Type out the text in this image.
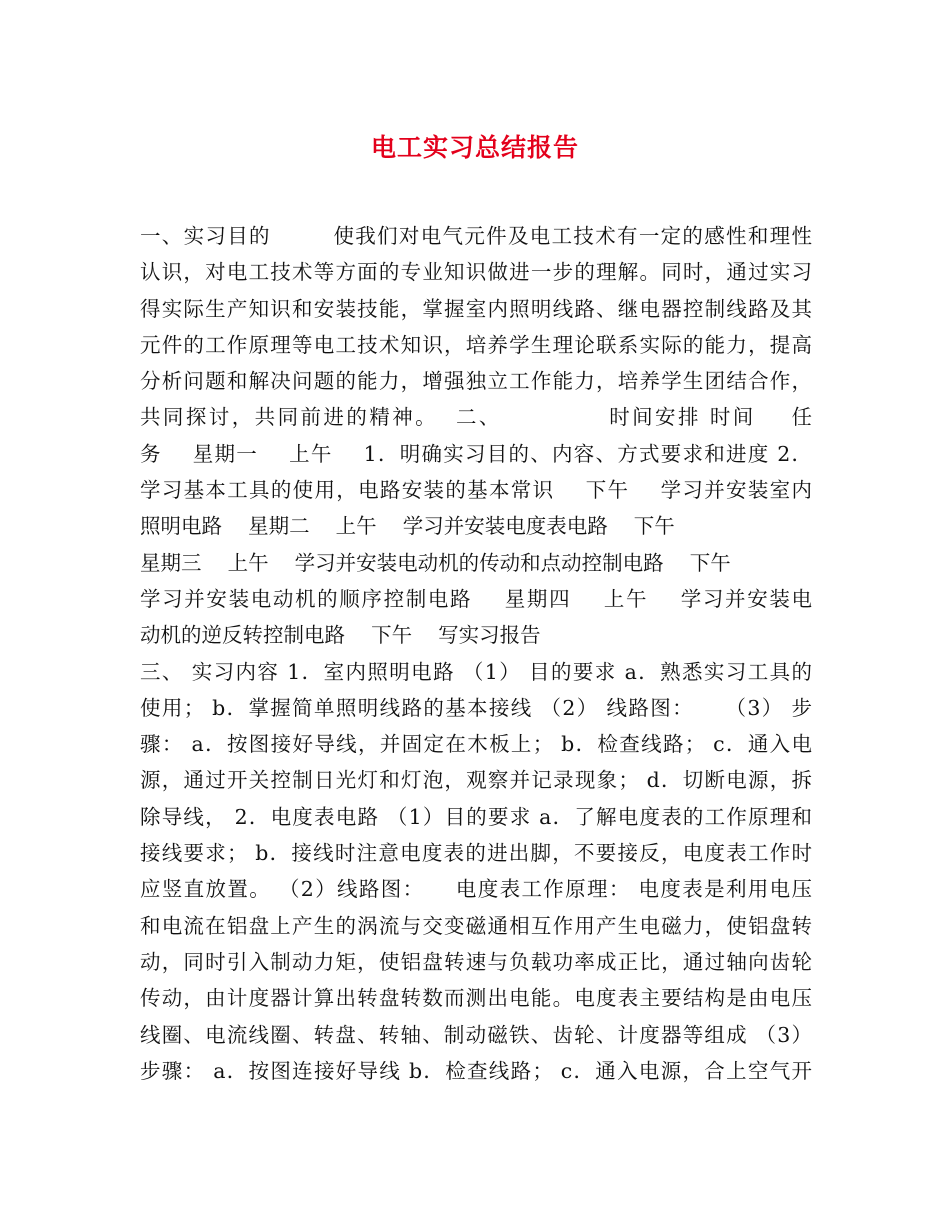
电工实习总结报告
一、实习目的        使我们对电气元件及电工技术有一定的感性和理性
认识，对电工技术等方面的专业知识做进一步的理解。同时，通过实习
得实际生产知识和安装技能，掌握室内照明线路、继电器控制线路及其
元件的工作原理等电工技术知识，培养学生理论联系实际的能力，提高
分析问题和解决问题的能力，增强独立工作能力，培养学生团结合作，
共同探讨，共同前进的精神。  二、            时间安排 时间    任
务    星期一    上午    1．明确实习目的、内容、方式要求和进度 2．
学习基本工具的使用，电路安装的基本常识    下午    学习并安装室内
照明电路    星期二    上午    学习并安装电度表电路    下午
星期三    上午    学习并安装电动机的传动和点动控制电路    下午
学习并安装电动机的顺序控制电路    星期四    上午    学习并安装电
动机的逆反转控制电路    下午    写实习报告
三、 实习内容 1．室内照明电路 （1） 目的要求 a．熟悉实习工具的
使用； b．掌握简单照明线路的基本接线 （2） 线路图：    （3） 步
骤： a．按图接好导线，并固定在木板上； b．检查线路； c．通入电
源，通过开关控制日光灯和灯泡，观察并记录现象； d．切断电源，拆
除导线， 2．电度表电路 （1）目的要求 a．了解电度表的工作原理和
接线要求； b．接线时注意电度表的进出脚，不要接反，电度表工作时
应竖直放置。 （2）线路图：    电度表工作原理： 电度表是利用电压
和电流在铝盘上产生的涡流与交变磁通相互作用产生电磁力，使铝盘转
动，同时引入制动力矩，使铝盘转速与负载功率成正比，通过轴向齿轮
传动，由计度器计算出转盘转数而测出电能。电度表主要结构是由电压
线圈、电流线圈、转盘、转轴、制动磁铁、齿轮、计度器等组成 （3）
步骤： a．按图连接好导线 b．检查线路； c．通入电源，合上空气开
